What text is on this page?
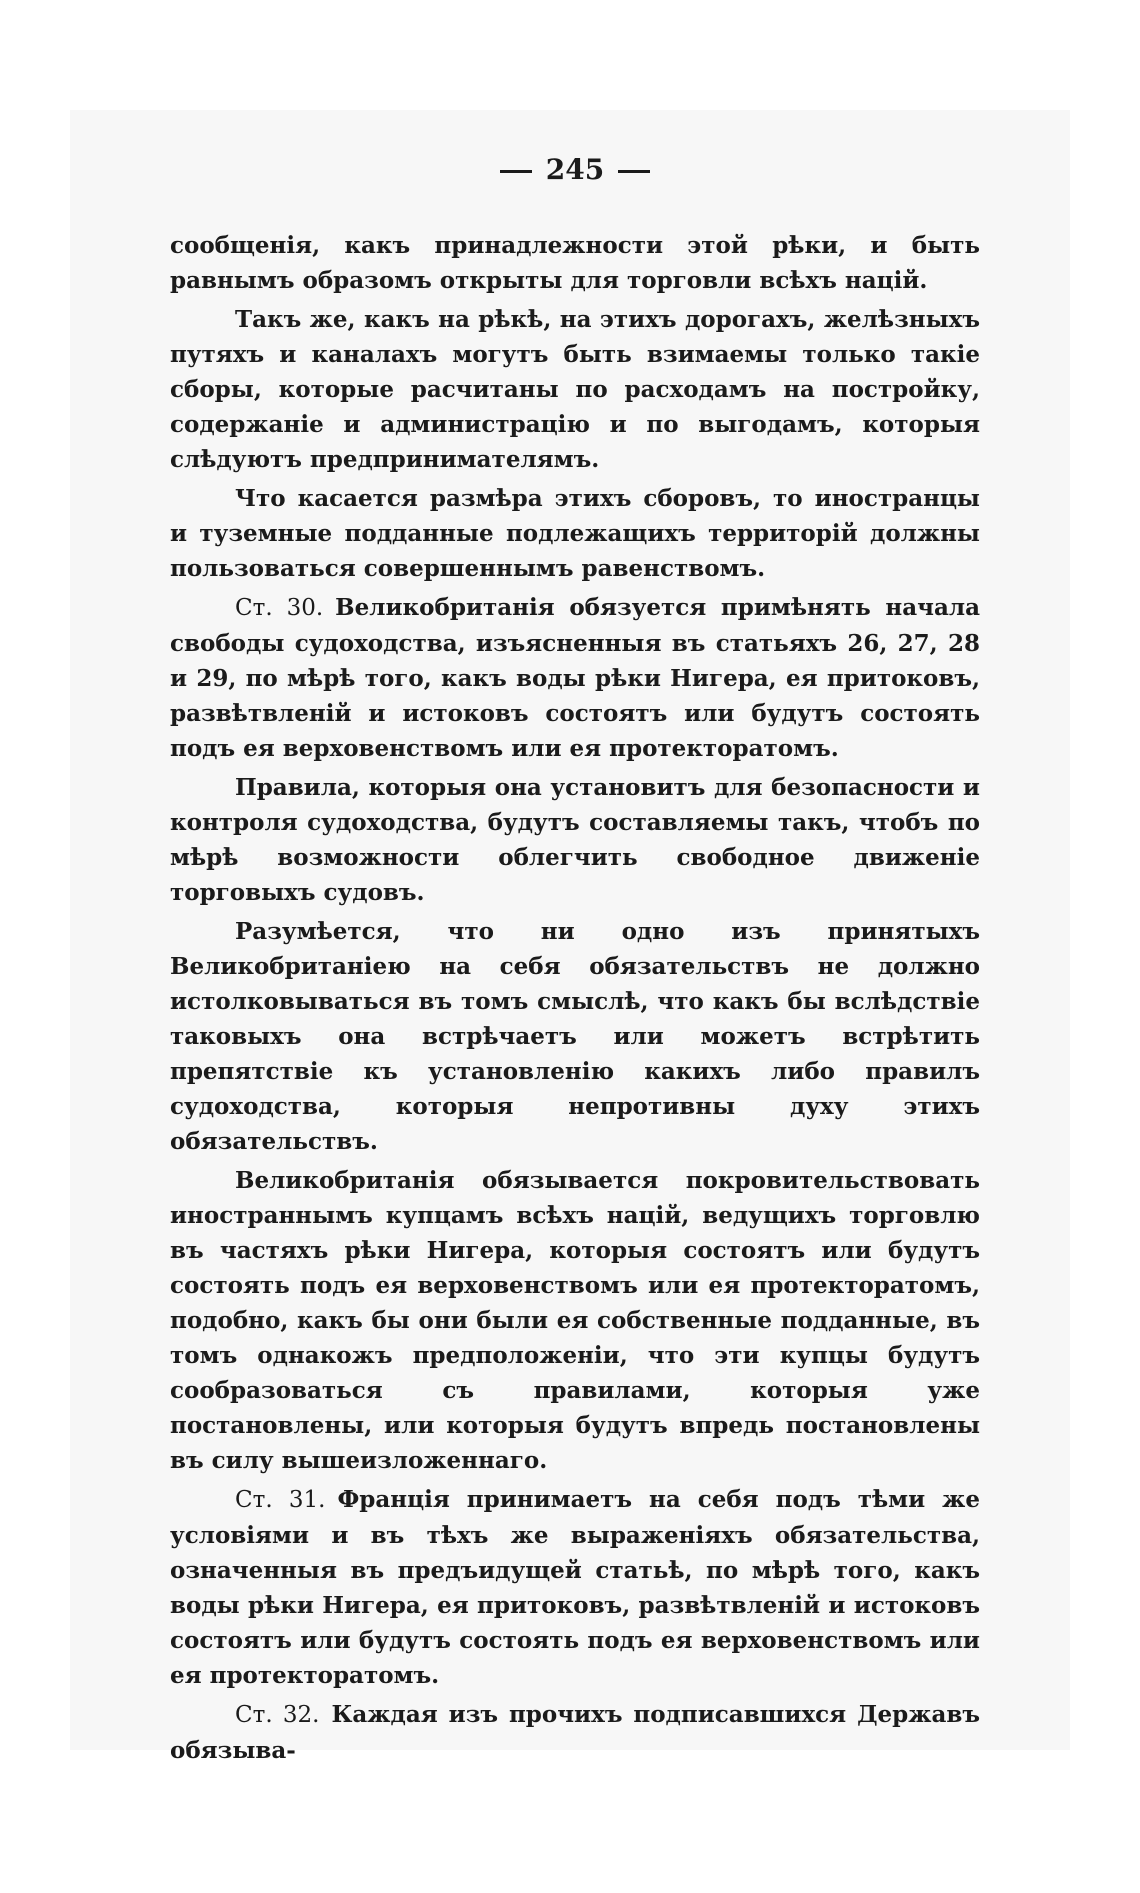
245

сообщенія, какъ принадлежности этой рѣки, и быть равнымъ образомъ открыты для торговли всѣхъ націй.

Такъ же, какъ на рѣкѣ, на этихъ дорогахъ, желѣзныхъ путяхъ и каналахъ могутъ быть взимаемы только такіе сборы, которые расчитаны по расходамъ на постройку, содержаніе и администрацію и по выгодамъ, которыя слѣдуютъ предпринимателямъ.

Что касается размѣра этихъ сборовъ, то иностранцы и туземные подданные подлежащихъ территорій должны пользоваться совершеннымъ равенствомъ.

Ст. 30. Великобританія обязуется примѣнять начала свободы судоходства, изъясненныя въ статьяхъ 26, 27, 28 и 29, по мѣрѣ того, какъ воды рѣки Нигера, ея притоковъ, развѣтвленій и истоковъ состоятъ или будутъ состоять подъ ея верховенствомъ или ея протекторатомъ.

Правила, которыя она установитъ для безопасности и контроля судоходства, будутъ составляемы такъ, чтобъ по мѣрѣ возможности облегчить свободное движеніе торговыхъ судовъ.

Разумѣется, что ни одно изъ принятыхъ Великобританіею на себя обязательствъ не должно истолковываться въ томъ смыслѣ, что какъ бы вслѣдствіе таковыхъ она встрѣчаетъ или можетъ встрѣтить препятствіе къ установленію какихъ либо правилъ судоходства, которыя непротивны духу этихъ обязательствъ.

Великобританія обязывается покровительствовать иностраннымъ купцамъ всѣхъ націй, ведущихъ торговлю въ частяхъ рѣки Нигера, которыя состоятъ или будутъ состоять подъ ея верховенствомъ или ея протекторатомъ, подобно, какъ бы они были ея собственные подданные, въ томъ однакожъ предположеніи, что эти купцы будутъ сообразоваться съ правилами, которыя уже постановлены, или которыя будутъ впредь постановлены въ силу вышеизложеннаго.

Ст. 31. Франція принимаетъ на себя подъ тѣми же условіями и въ тѣхъ же выраженіяхъ обязательства, означенныя въ предъидущей статьѣ, по мѣрѣ того, какъ воды рѣки Нигера, ея притоковъ, развѣтвленій и истоковъ состоятъ или будутъ состоять подъ ея верховенствомъ или ея протекторатомъ.

Ст. 32. Каждая изъ прочихъ подписавшихся Державъ обязыва-
